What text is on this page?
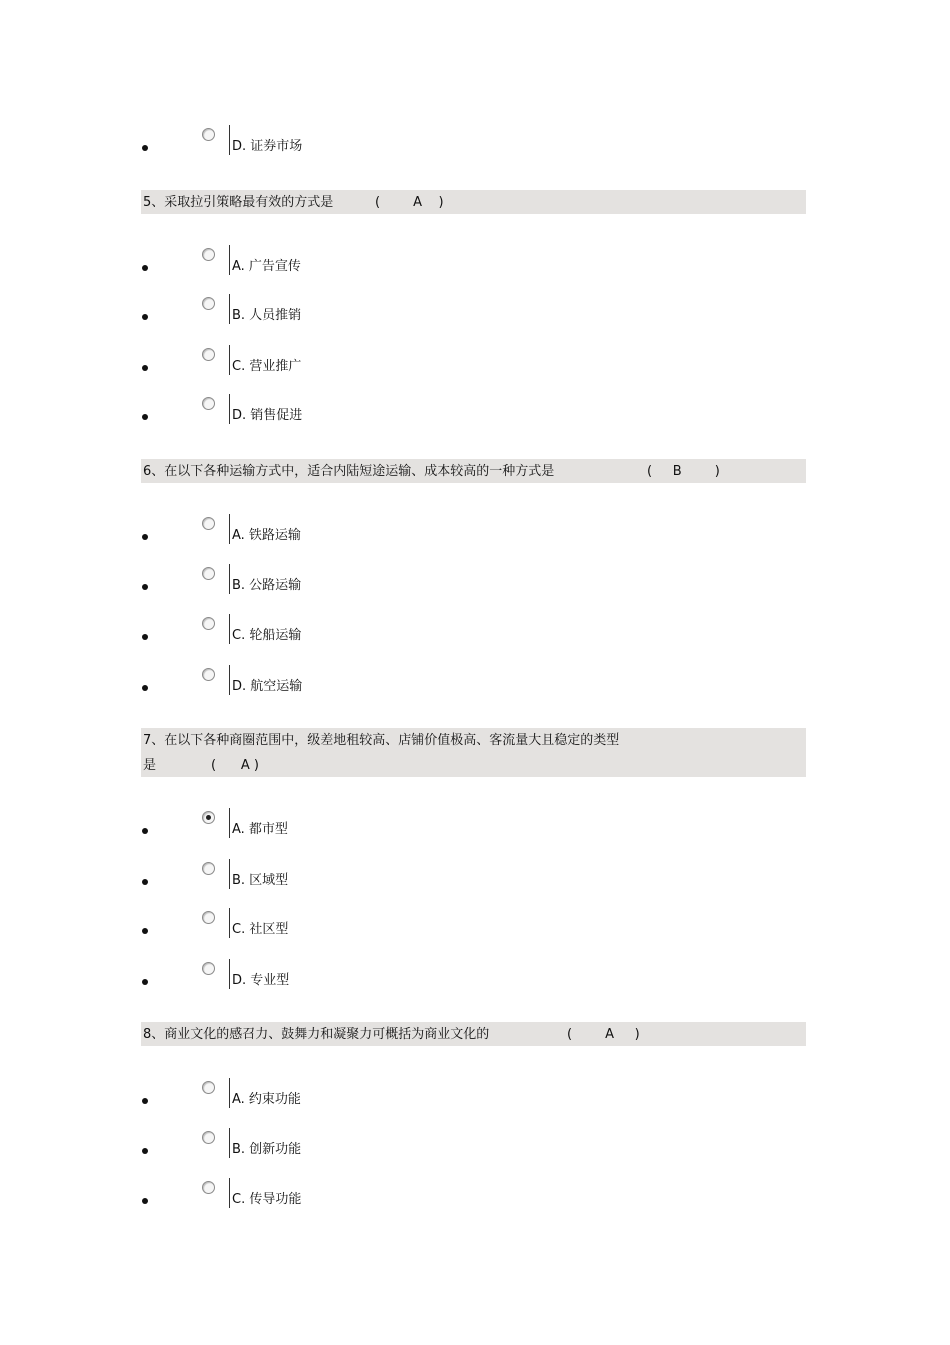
D. 证券市场
5、采取拉引策略最有效的方式是	(        A    )
A. 广告宣传
B. 人员推销
C. 营业推广
D. 销售促进
6、在以下各种运输方式中，适合内陆短途运输、成本较高的一种方式是	(     B        )
A. 铁路运输
B. 公路运输
C. 轮船运输
D. 航空运输
7、在以下各种商圈范围中，级差地租较高、店铺价值极高、客流量大且稳定的类型
是	(      A )
A. 都市型
B. 区域型
C. 社区型
D. 专业型
8、商业文化的感召力、鼓舞力和凝聚力可概括为商业文化的	(        A     )
A. 约束功能
B. 创新功能
C. 传导功能
